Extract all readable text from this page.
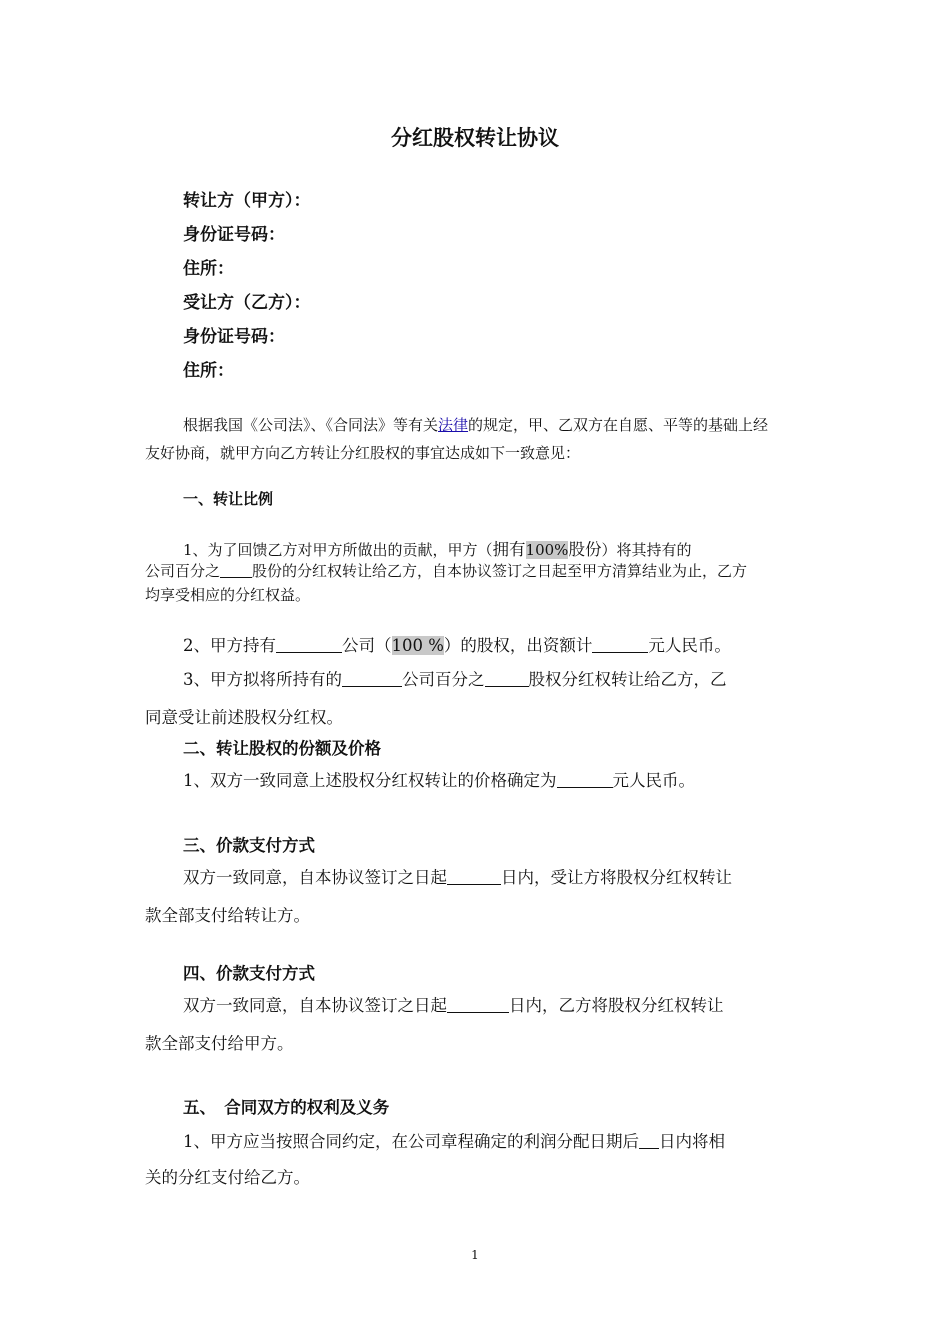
分红股权转让协议
转让方（甲方）：
身份证号码：
住所：
受让方（乙方）：
身份证号码：
住所：
根据我国《公司法》、《合同法》等有关法律的规定，甲、乙双方在自愿、平等的基础上经
友好协商，就甲方向乙方转让分红股权的事宜达成如下一致意见：
一、转让比例
1、为了回馈乙方对甲方所做出的贡献，甲方（拥有100%股份）将其持有的
公司百分之 股份的分红权转让给乙方，自本协议签订之日起至甲方清算结业为止，乙方
均享受相应的分红权益。
2、甲方持有	公司（100 %）的股权，出资额计	元人民币。
3、甲方拟将所持有的	公司百分之	股权分红权转让给乙方，乙
同意受让前述股权分红权。
二、转让股权的份额及价格
1、双方一致同意上述股权分红权转让的价格确定为	元人民币。
三、价款支付方式
双方一致同意，自本协议签订之日起	日内，受让方将股权分红权转让
款全部支付给转让方。
四、价款支付方式
双方一致同意，自本协议签订之日起	日内，乙方将股权分红权转让
款全部支付给甲方。
五、　合同双方的权利及义务
1、甲方应当按照合同约定，在公司章程确定的利润分配日期后 日内将相
关的分红支付给乙方。
1
